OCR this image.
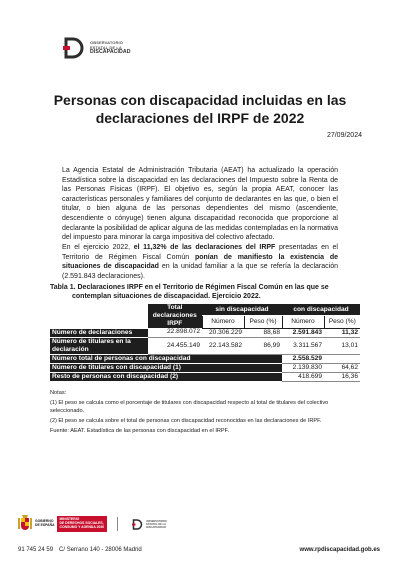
OBSERVATORIO
ESTATAL DE LA
DISCAPACIDAD
Personas con discapacidad incluidas en las
declaraciones del IRPF de 2022
27/09/2024

La Agencia Estatal de Administración Tributaria (AEAT) ha actualizado la operación Estadística sobre la discapacidad en las declaraciones del Impuesto sobre la Renta de las Personas Físicas (IRPF). El objetivo es, según la propia AEAT, conocer las características personales y familiares del conjunto de declarantes en las que, o bien el titular, o bien alguna de las personas dependientes del mismo (ascendiente, descendiente o cónyuge) tienen alguna discapacidad reconocida que proporcione al declarante la posibilidad de aplicar alguna de las medidas contempladas en la normativa del impuesto para minorar la carga impositiva del colectivo afectado.

En el ejercicio 2022, el 11,32% de las declaraciones del IRPF presentadas en el Territorio de Régimen Fiscal Común ponían de manifiesto la existencia de situaciones de discapacidad en la unidad familiar a la que se refería la declaración (2.591.843 declaraciones).

Tabla 1. Declaraciones IRPF en el Territorio de Régimen Fiscal Común en las que se contemplan situaciones de discapacidad. Ejercicio 2022.
	Total declaraciones IRPF	sin discapacidad		con discapacidad	
		Número	Peso (%)	Número	Peso (%)
Número de declaraciones	22.898.072	20.306.229	88,68	2.591.843	11,32
Número de titulares en la declaración	24.455.149	22.143.582	86,99	3.311.567	13,01
Número total de personas con discapacidad				2.558.529	
Número de titulares con discapacidad (1)				2.139.830	64,62
Resto de personas con discapacidad (2)				418.699	16,36

Notas:

(1) El peso se calcula como el porcentaje de titulares con discapacidad respecto al total de titulares del colectivo seleccionado.

(2) El peso se calcula sobre el total de personas con discapacidad reconocidas en las declaraciones de IRPF.

Fuente: AEAT. Estadística de las personas con discapacidad en el IRPF.

GOBIERNO
DE ESPAÑA
MINISTERIO
DE DERECHOS SOCIALES,
CONSUMO Y AGENDA 2030
OBSERVATORIO
ESTATAL DE LA
DISCAPACIDAD
91 745 24 59 C/ Serrano 140 - 28006 Madrid	www.rpdiscapacidad.gob.es
